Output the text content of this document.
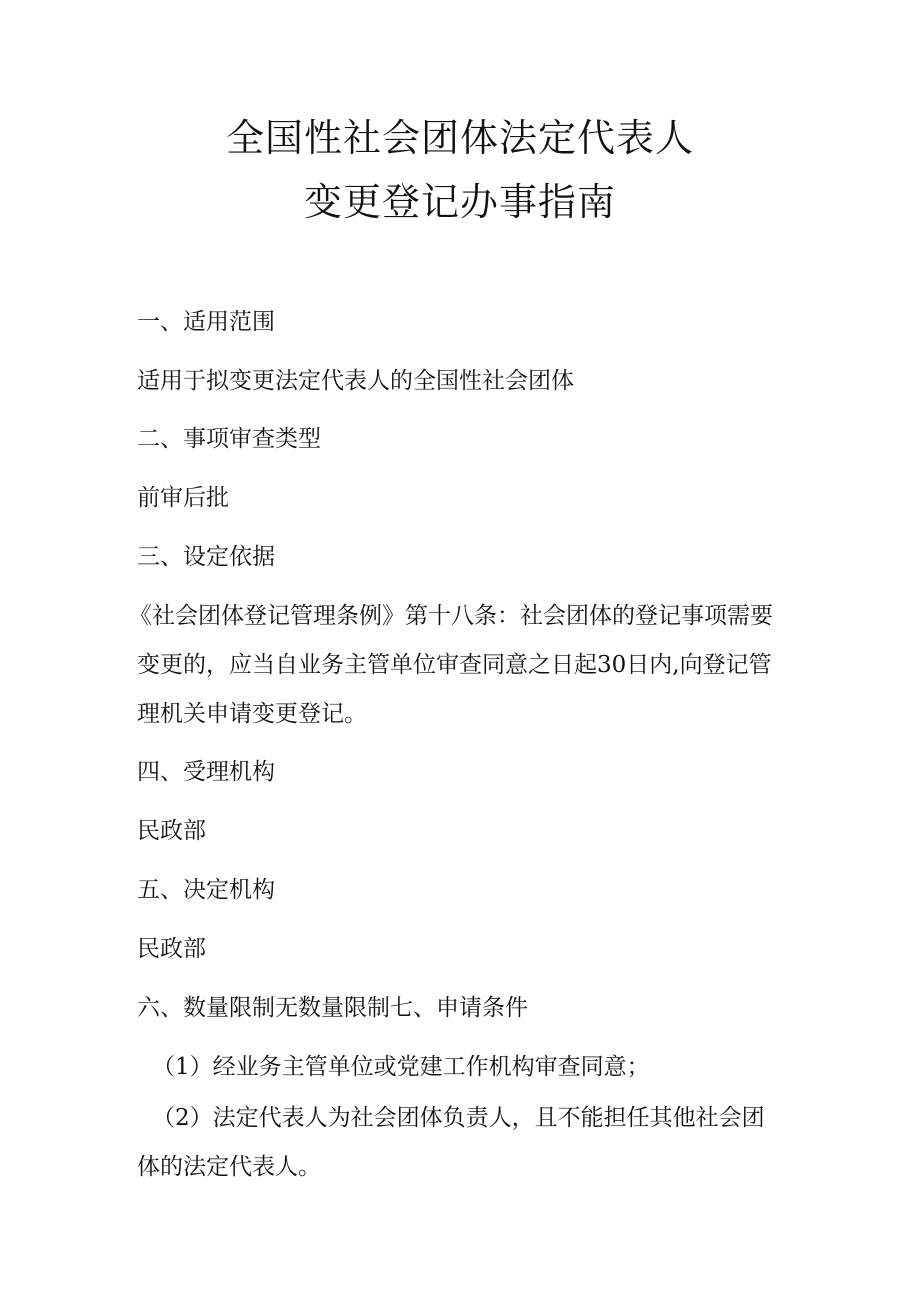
全国性社会团体法定代表人
变更登记办事指南
一、适用范围
适用于拟变更法定代表人的全国性社会团体
二、事项审查类型
前审后批
三、设定依据
《社会团体登记管理条例》第十八条：社会团体的登记事项需要变更的，应当自业务主管单位审查同意之日起30日内,向登记管理机关申请变更登记。
四、受理机构
民政部
五、决定机构
民政部
六、数量限制无数量限制七、申请条件
（1）经业务主管单位或党建工作机构审查同意；
（2）法定代表人为社会团体负责人，且不能担任其他社会团体的法定代表人。
